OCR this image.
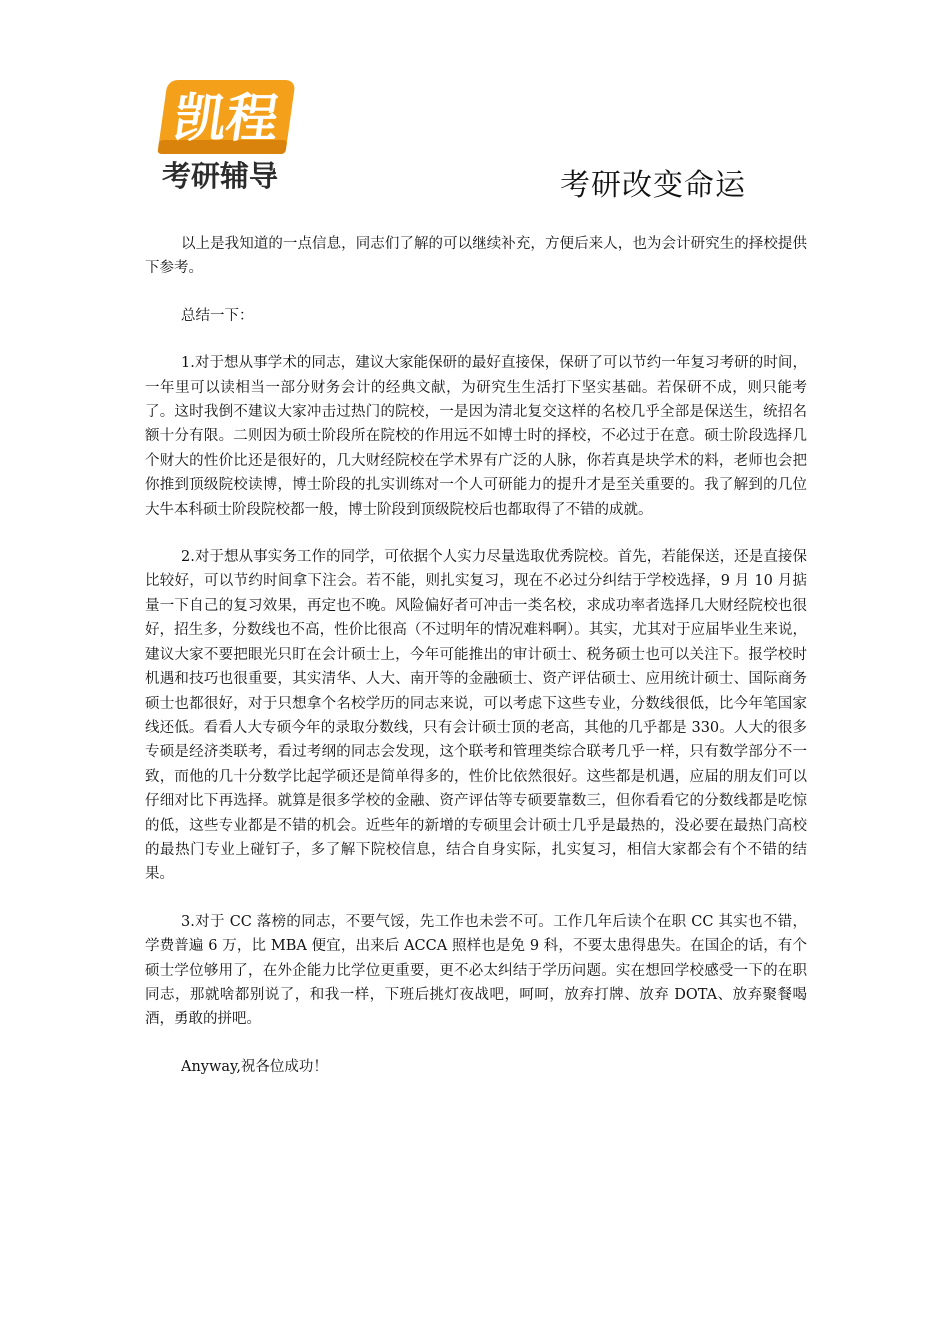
凯程
考研辅导	考研改变命运

以上是我知道的一点信息，同志们了解的可以继续补充，方便后来人，也为会计研究生的择校提供下参考。

总结一下：

1.对于想从事学术的同志，建议大家能保研的最好直接保，保研了可以节约一年复习考研的时间，一年里可以读相当一部分财务会计的经典文献，为研究生生活打下坚实基础。若保研不成，则只能考了。这时我倒不建议大家冲击过热门的院校，一是因为清北复交这样的名校几乎全部是保送生，统招名额十分有限。二则因为硕士阶段所在院校的作用远不如博士时的择校，不必过于在意。硕士阶段选择几个财大的性价比还是很好的，几大财经院校在学术界有广泛的人脉，你若真是块学术的料，老师也会把你推到顶级院校读博，博士阶段的扎实训练对一个人可研能力的提升才是至关重要的。我了解到的几位大牛本科硕士阶段院校都一般，博士阶段到顶级院校后也都取得了不错的成就。

2.对于想从事实务工作的同学，可依据个人实力尽量选取优秀院校。首先，若能保送，还是直接保比较好，可以节约时间拿下注会。若不能，则扎实复习，现在不必过分纠结于学校选择，9 月 10 月掂量一下自己的复习效果，再定也不晚。风险偏好者可冲击一类名校，求成功率者选择几大财经院校也很好，招生多，分数线也不高，性价比很高（不过明年的情况难料啊）。其实，尤其对于应届毕业生来说，建议大家不要把眼光只盯在会计硕士上，今年可能推出的审计硕士、税务硕士也可以关注下。报学校时机遇和技巧也很重要，其实清华、人大、南开等的金融硕士、资产评估硕士、应用统计硕士、国际商务硕士也都很好，对于只想拿个名校学历的同志来说，可以考虑下这些专业，分数线很低，比今年笔国家线还低。看看人大专硕今年的录取分数线，只有会计硕士顶的老高，其他的几乎都是 330。人大的很多专硕是经济类联考，看过考纲的同志会发现，这个联考和管理类综合联考几乎一样，只有数学部分不一致，而他的几十分数学比起学硕还是简单得多的，性价比依然很好。这些都是机遇，应届的朋友们可以仔细对比下再选择。就算是很多学校的金融、资产评估等专硕要靠数三，但你看看它的分数线都是吃惊的低，这些专业都是不错的机会。近些年的新增的专硕里会计硕士几乎是最热的，没必要在最热门高校的最热门专业上碰钉子，多了解下院校信息，结合自身实际，扎实复习，相信大家都会有个不错的结果。

3.对于 CC 落榜的同志，不要气馁，先工作也未尝不可。工作几年后读个在职 CC 其实也不错，学费普遍 6 万，比 MBA 便宜，出来后 ACCA 照样也是免 9 科，不要太患得患失。在国企的话，有个硕士学位够用了，在外企能力比学位更重要，更不必太纠结于学历问题。实在想回学校感受一下的在职同志，那就啥都别说了，和我一样，下班后挑灯夜战吧，呵呵，放弃打牌、放弃 DOTA、放弃聚餐喝酒，勇敢的拼吧。

Anyway,祝各位成功！
